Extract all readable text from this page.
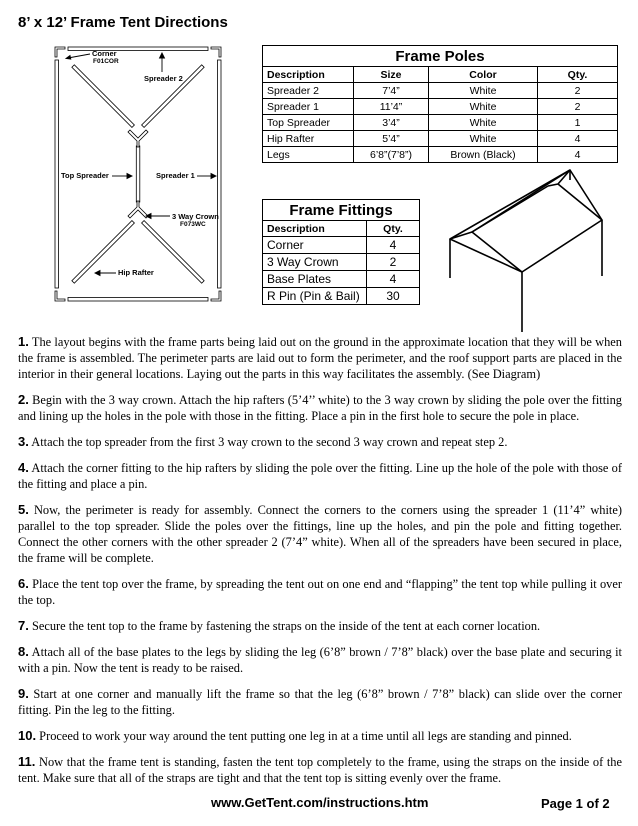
8’ x 12’ Frame Tent Directions
Corner
F01COR
Spreader 2
Top Spreader	Spreader 1
3 Way Crown
F073WC
Hip Rafter
Frame Poles			
Description	Size	Color	Qty.
Spreader 2	7’4”	White	2
Spreader 1	11’4”	White	2
Top Spreader	3’4”	White	1
Hip Rafter	5’4”	White	4
Legs	6’8”(7’8”)	Brown (Black)	4
Frame Fittings	
Description	Qty.
Corner	4
3 Way Crown	2
Base Plates	4
R Pin (Pin & Bail)	30

1. The layout begins with the frame parts being laid out on the ground in the approximate location that they will be when the frame is assembled. The perimeter parts are laid out to form the perimeter, and the roof support parts are placed in the interior in their general locations. Laying out the parts in this way facilitates the assembly. (See Diagram)

2. Begin with the 3 way crown. Attach the hip rafters (5’4’’ white) to the 3 way crown by sliding the pole over the fitting and lining up the holes in the pole with those in the fitting. Place a pin in the first hole to secure the pole in place.

3. Attach the top spreader from the first 3 way crown to the second 3 way crown and repeat step 2.

4. Attach the corner fitting to the hip rafters by sliding the pole over the fitting. Line up the hole of the pole with those of the fitting and place a pin.

5. Now, the perimeter is ready for assembly. Connect the corners to the corners using the spreader 1 (11’4” white) parallel to the top spreader. Slide the poles over the fittings, line up the holes, and pin the pole and fitting together. Connect the other corners with the other spreader 2 (7’4” white). When all of the spreaders have been secured in place, the frame will be complete.

6. Place the tent top over the frame, by spreading the tent out on one end and “flapping” the tent top while pulling it over the top.

7. Secure the tent top to the frame by fastening the straps on the inside of the tent at each corner location.

8. Attach all of the base plates to the legs by sliding the leg (6’8” brown / 7’8” black) over the base plate and securing it with a pin. Now the tent is ready to be raised.

9. Start at one corner and manually lift the frame so that the leg (6’8” brown / 7’8” black) can slide over the corner fitting. Pin the leg to the fitting.

10. Proceed to work your way around the tent putting one leg in at a time until all legs are standing and pinned.

11. Now that the frame tent is standing, fasten the tent top completely to the frame, using the straps on the inside of the tent. Make sure that all of the straps are tight and that the tent top is sitting evenly over the frame.

www.GetTent.com/instructions.htm	Page 1 of 2
